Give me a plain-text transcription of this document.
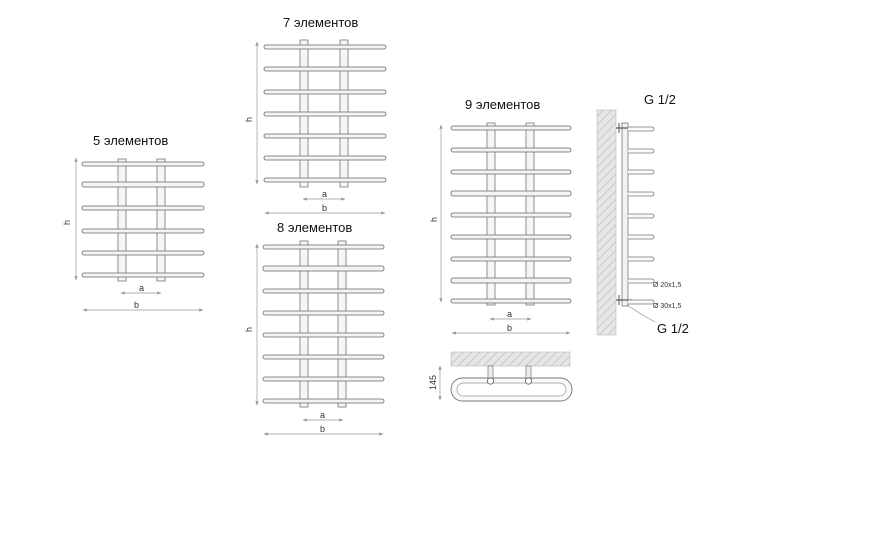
5 элементов
7 элементов
8 элементов
9 элементов	G 1/2
G 1/2
h
a
b
h
a
b
h
a
b
h
a
b
145
Ø 20x1,5
Ø 30x1,5
